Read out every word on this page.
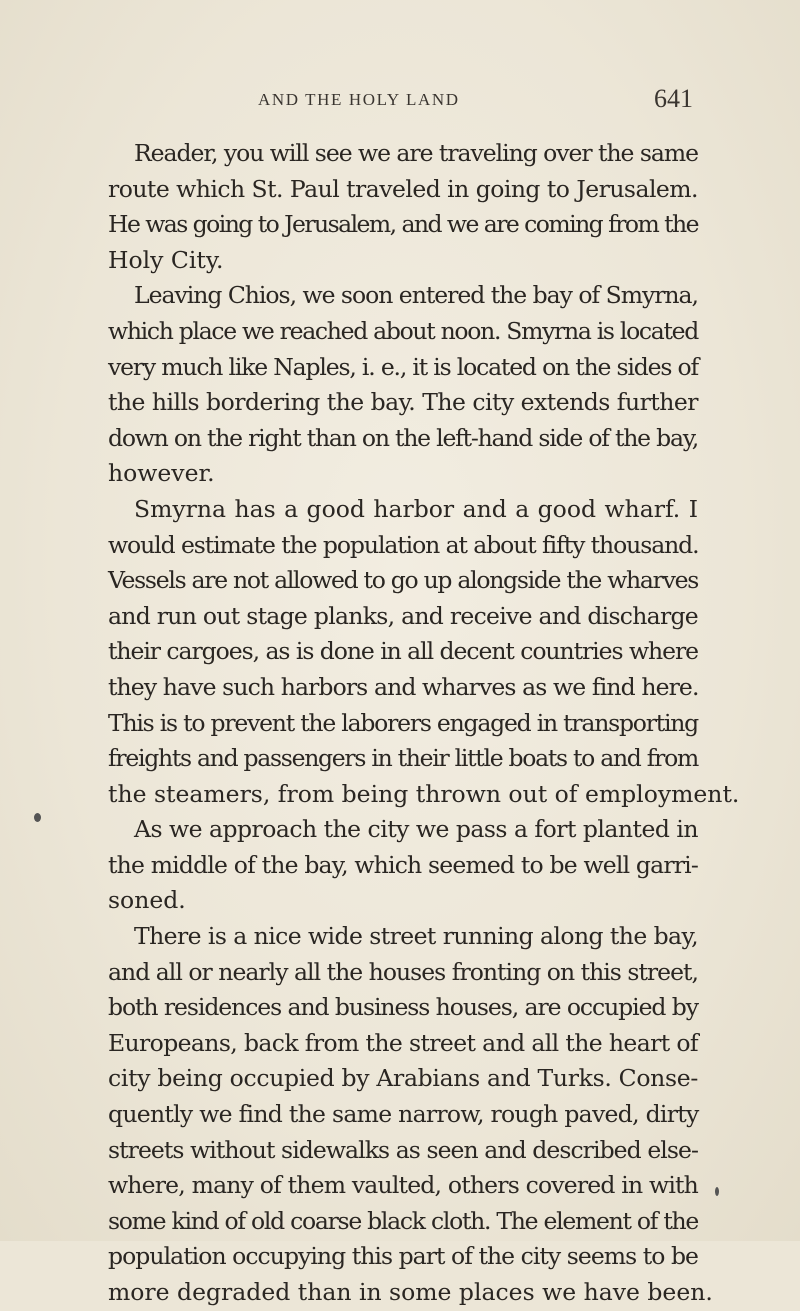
AND THE HOLY LAND	641
Reader, you will see we are traveling over the same
route which St. Paul traveled in going to Jerusalem.
He was going to Jerusalem, and we are coming from the
Holy City.
Leaving Chios, we soon entered the bay of Smyrna,
which place we reached about noon. Smyrna is located
very much like Naples, i. e., it is located on the sides of
the hills bordering the bay. The city extends further
down on the right than on the left-hand side of the bay,
however.
Smyrna has a good harbor and a good wharf. I
would estimate the population at about fifty thousand.
Vessels are not allowed to go up alongside the wharves
and run out stage planks, and receive and discharge
their cargoes, as is done in all decent countries where
they have such harbors and wharves as we find here.
This is to prevent the laborers engaged in transporting
freights and passengers in their little boats to and from
the steamers, from being thrown out of employment.
As we approach the city we pass a fort planted in
the middle of the bay, which seemed to be well garri-
soned.
There is a nice wide street running along the bay,
and all or nearly all the houses fronting on this street,
both residences and business houses, are occupied by
Europeans, back from the street and all the heart of
city being occupied by Arabians and Turks. Conse-
quently we find the same narrow, rough paved, dirty
streets without sidewalks as seen and described else-
where, many of them vaulted, others covered in with
some kind of old coarse black cloth. The element of the
population occupying this part of the city seems to be
more degraded than in some places we have been.
